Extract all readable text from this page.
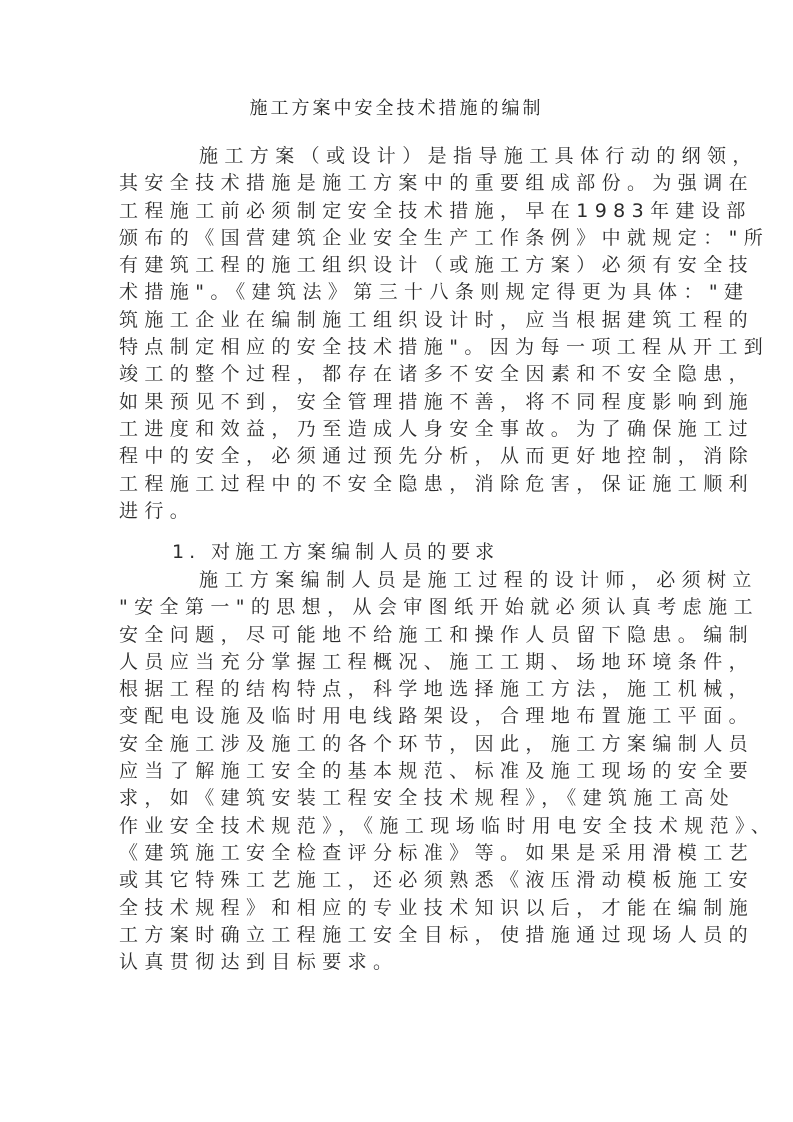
施工方案中安全技术措施的编制
施工方案（或设计）是指导施工具体行动的纲领，
其安全技术措施是施工方案中的重要组成部份。为强调在
工程施工前必须制定安全技术措施，早在1983年建设部
颁布的《国营建筑企业安全生产工作条例》中就规定："所
有建筑工程的施工组织设计（或施工方案）必须有安全技
术措施"。《建筑法》第三十八条则规定得更为具体："建
筑施工企业在编制施工组织设计时，应当根据建筑工程的
特点制定相应的安全技术措施"。因为每一项工程从开工到
竣工的整个过程，都存在诸多不安全因素和不安全隐患，
如果预见不到，安全管理措施不善，将不同程度影响到施
工进度和效益，乃至造成人身安全事故。为了确保施工过
程中的安全，必须通过预先分析，从而更好地控制，消除
工程施工过程中的不安全隐患，消除危害，保证施工顺利
进行。
1. 对施工方案编制人员的要求
施工方案编制人员是施工过程的设计师，必须树立
"安全第一"的思想，从会审图纸开始就必须认真考虑施工
安全问题，尽可能地不给施工和操作人员留下隐患。编制
人员应当充分掌握工程概况、施工工期、场地环境条件，
根据工程的结构特点，科学地选择施工方法，施工机械，
变配电设施及临时用电线路架设，合理地布置施工平面。
安全施工涉及施工的各个环节，因此，施工方案编制人员
应当了解施工安全的基本规范、标准及施工现场的安全要
求，如《建筑安装工程安全技术规程》，《建筑施工高处
作业安全技术规范》，《施工现场临时用电安全技术规范》、
《建筑施工安全检查评分标准》等。如果是采用滑模工艺
或其它特殊工艺施工，还必须熟悉《液压滑动模板施工安
全技术规程》和相应的专业技术知识以后，才能在编制施
工方案时确立工程施工安全目标，使措施通过现场人员的
认真贯彻达到目标要求。
